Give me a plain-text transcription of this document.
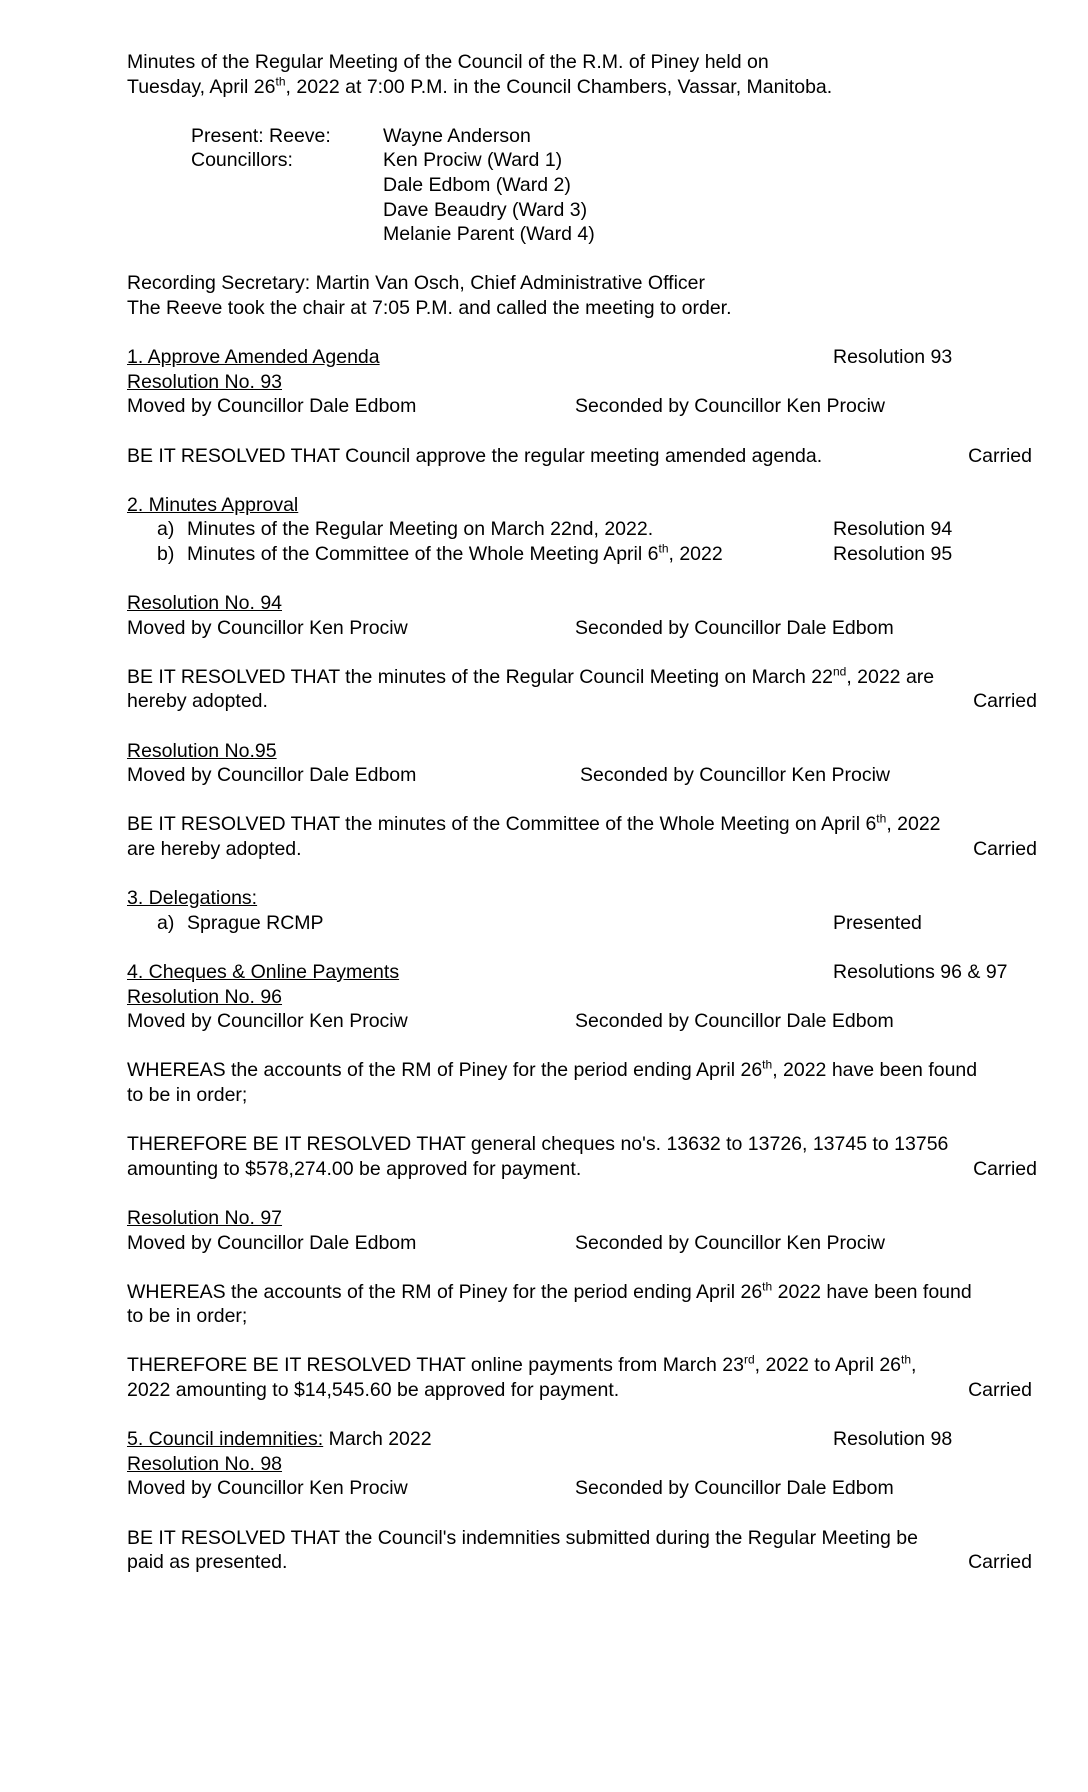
Minutes of the Regular Meeting of the Council of the R.M. of Piney held on
Tuesday, April 26th, 2022 at 7:00 P.M. in the Council Chambers, Vassar, Manitoba.
Present: Reeve:	Wayne Anderson
Councillors:	Ken Prociw (Ward 1)
Dale Edbom (Ward 2)
Dave Beaudry (Ward 3)
Melanie Parent (Ward 4)
Recording Secretary: Martin Van Osch, Chief Administrative Officer
The Reeve took the chair at 7:05 P.M. and called the meeting to order.
1. Approve Amended Agenda	Resolution 93
Resolution No. 93
Moved by Councillor Dale Edbom	Seconded by Councillor Ken Prociw
BE IT RESOLVED THAT Council approve the regular meeting amended agenda.	Carried
2. Minutes Approval
a) Minutes of the Regular Meeting on March 22nd, 2022.	Resolution 94
b) Minutes of the Committee of the Whole Meeting April 6th, 2022	Resolution 95
Resolution No. 94
Moved by Councillor Ken Prociw	Seconded by Councillor Dale Edbom
BE IT RESOLVED THAT the minutes of the Regular Council Meeting on March 22nd, 2022 are
hereby adopted.	Carried
Resolution No.95
Moved by Councillor Dale Edbom	Seconded by Councillor Ken Prociw
BE IT RESOLVED THAT the minutes of the Committee of the Whole Meeting on April 6th, 2022
are hereby adopted.	Carried
3. Delegations:
a) Sprague RCMP	Presented
4. Cheques & Online Payments	Resolutions 96 & 97
Resolution No. 96
Moved by Councillor Ken Prociw	Seconded by Councillor Dale Edbom
WHEREAS the accounts of the RM of Piney for the period ending April 26th, 2022 have been found
to be in order;
THEREFORE BE IT RESOLVED THAT general cheques no's. 13632 to 13726, 13745 to 13756
amounting to $578,274.00 be approved for payment.	Carried
Resolution No. 97
Moved by Councillor Dale Edbom	Seconded by Councillor Ken Prociw
WHEREAS the accounts of the RM of Piney for the period ending April 26th 2022 have been found
to be in order;
THEREFORE BE IT RESOLVED THAT online payments from March 23rd, 2022 to April 26th,
2022 amounting to $14,545.60 be approved for payment.	Carried
5. Council indemnities: March 2022	Resolution 98
Resolution No. 98
Moved by Councillor Ken Prociw	Seconded by Councillor Dale Edbom
BE IT RESOLVED THAT the Council's indemnities submitted during the Regular Meeting be
paid as presented.	Carried
